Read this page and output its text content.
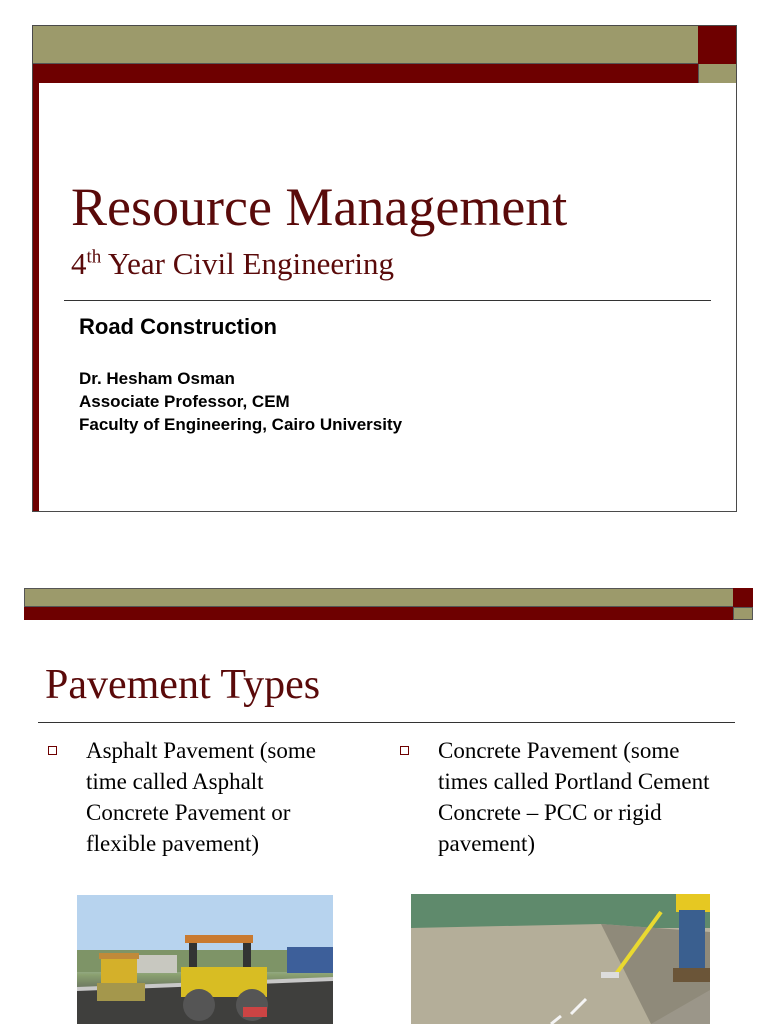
Resource Management
4th Year Civil Engineering
Road Construction
Dr. Hesham Osman
Associate Professor, CEM
Faculty of Engineering, Cairo University
Pavement Types
Asphalt Pavement (some time called Asphalt Concrete Pavement or flexible pavement)
Concrete Pavement (some times called Portland Cement Concrete – PCC or rigid pavement)
